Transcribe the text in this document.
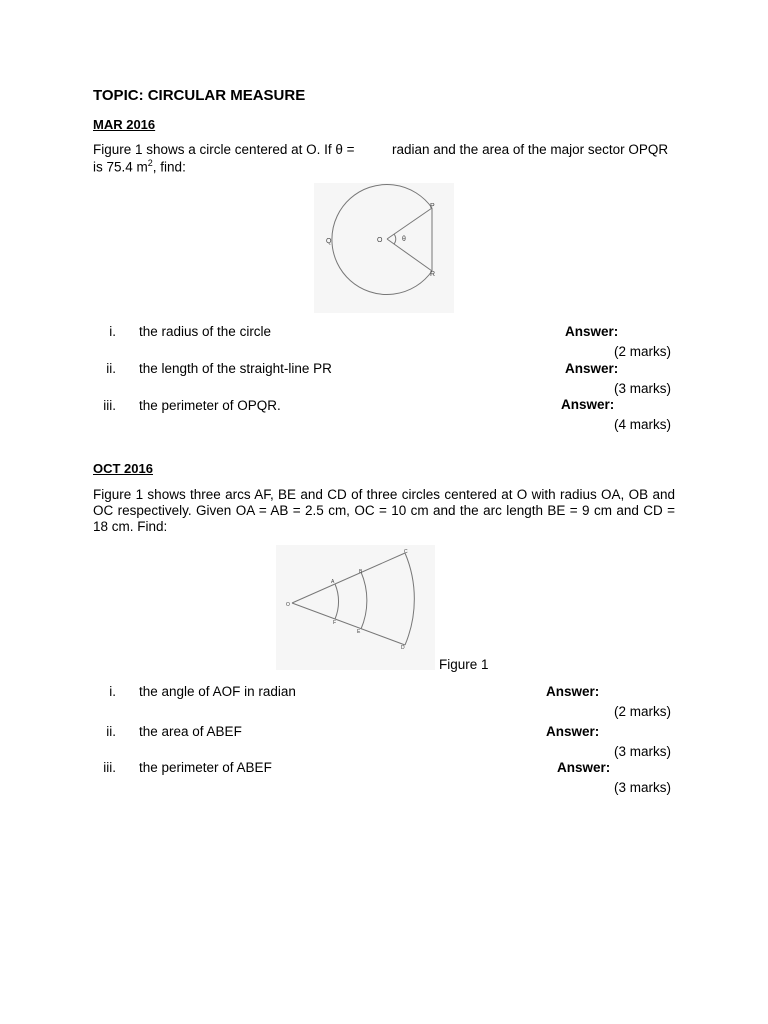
TOPIC: CIRCULAR MEASURE
MAR 2016
Figure 1 shows a circle centered at O. If θ =	radian and the area of the major sector OPQR
is 75.4 $m^2$, find:
P
Q	O	θ
R
i. the radius of the circle	Answer:
(2 marks)
ii. the length of the straight-line PR	Answer:
(3 marks)
iii. the perimeter of OPQR.	Answer:
(4 marks)
OCT 2016
Figure 1 shows three arcs AF, BE and CD of three circles centered at O with radius OA, OB and OC respectively. Given OA = AB = 2.5 cm, OC = 10 cm and the arc length BE = 9 cm and CD = 18 cm. Find:
O
A
B
C
F
E
D
Figure 1
i. the angle of AOF in radian	Answer:
(2 marks)
ii. the area of ABEF	Answer:
(3 marks)
iii. the perimeter of ABEF	Answer:
(3 marks)
